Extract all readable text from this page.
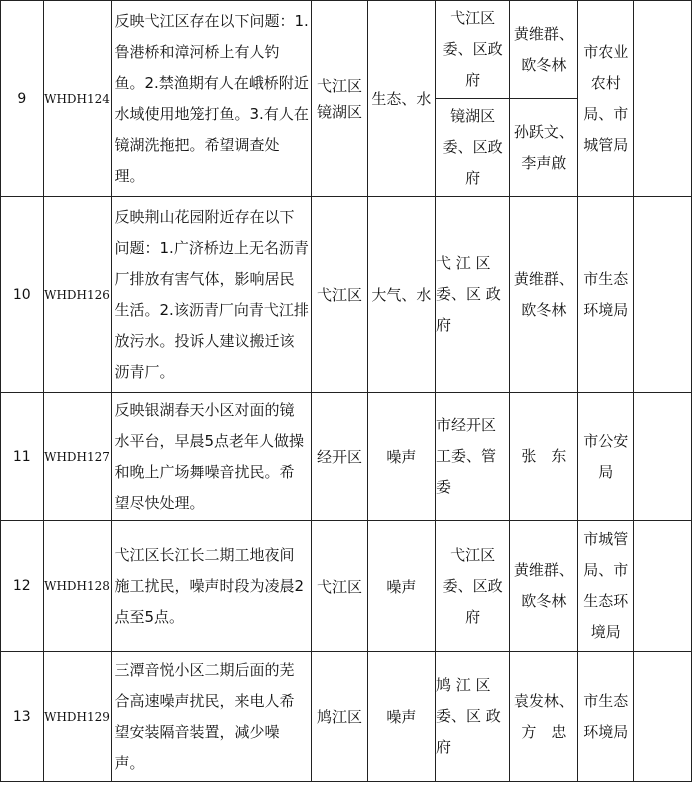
9	WHDH124	反映弋江区存在以下问题：1.鲁港桥和漳河桥上有人钓鱼。2.禁渔期有人在峨桥附近水域使用地笼打鱼。3.有人在镜湖洗拖把。希望调查处理。	弋江区镜湖区	生态、水	弋江区委、区政府	黄维群、欧冬林	市农业农村局、市城管局	

					镜湖区委、区政府	孙跃文、李声啟		

10	WHDH126	反映荆山花园附近存在以下问题：1.广济桥边上无名沥青厂排放有害气体，影响居民生活。2.该沥青厂向青弋江排放污水。投诉人建议搬迁该沥青厂。	弋江区	大气、水	弋 江 区 委、区 政 府	黄维群、欧冬林	市生态环境局	

11	WHDH127	反映银湖春天小区对面的镜水平台，早晨5点老年人做操和晚上广场舞噪音扰民。希望尽快处理。	经开区	噪声	市经开区工委、管委	张　东	市公安局	

12	WHDH128	弋江区长江长二期工地夜间施工扰民，噪声时段为凌晨2点至5点。	弋江区	噪声	弋江区委、区政府	黄维群、欧冬林	市城管局、市生态环境局	

13	WHDH129	三潭音悦小区二期后面的芜合高速噪声扰民，来电人希望安装隔音装置，减少噪声。	鸠江区	噪声	鸠 江 区 委、区 政 府	袁发林、方　忠	市生态环境局	
